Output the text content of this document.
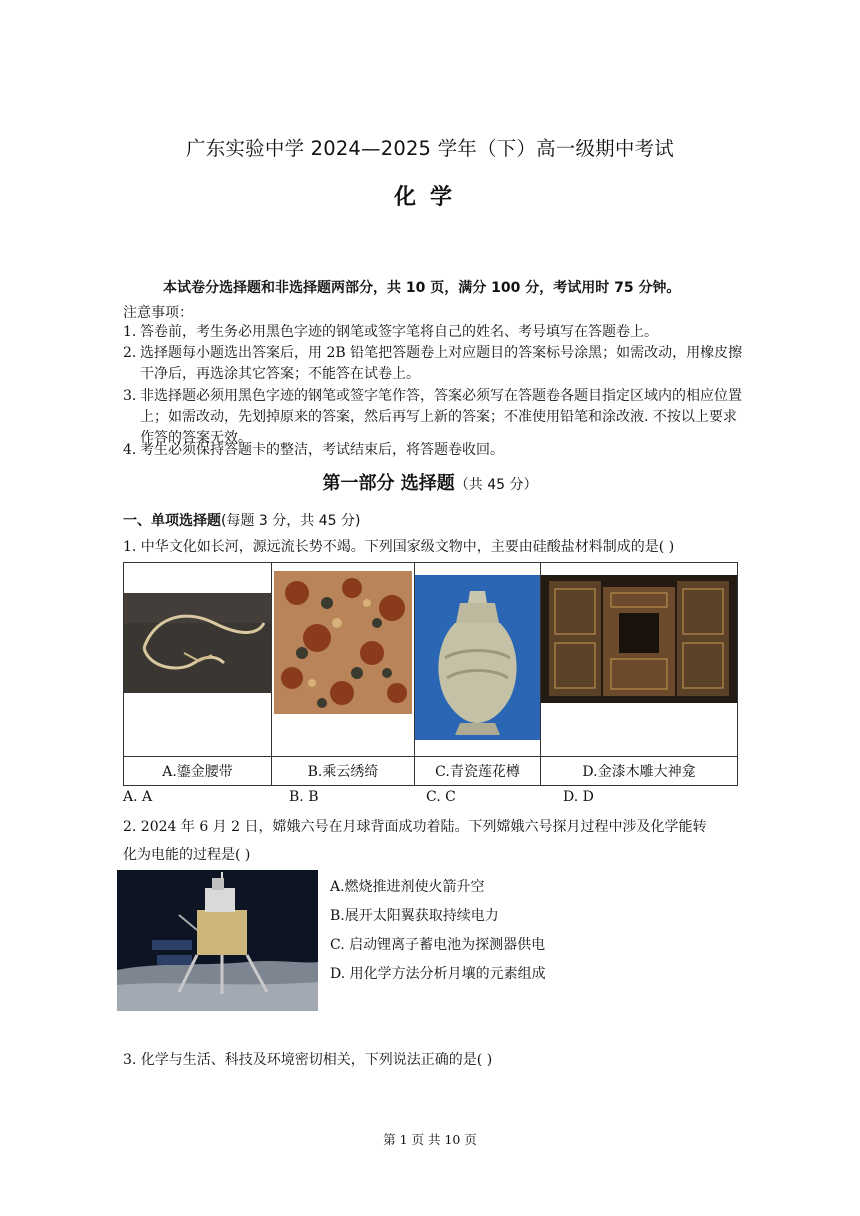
广东实验中学 2024—2025 学年（下）高一级期中考试
化学
本试卷分选择题和非选择题两部分，共 10 页，满分 100 分，考试用时 75 分钟。
注意事项：
1．
答卷前，考生务必用黑色字迹的钢笔或签字笔将自己的姓名、考号填写在答题卷上。
2．
选择题每小题选出答案后，用 2B 铅笔把答题卷上对应题目的答案标号涂黑；如需改动，用橡皮擦干净后，再选涂其它答案；不能答在试卷上。
3．
非选择题必须用黑色字迹的钢笔或签字笔作答，答案必须写在答题卷各题目指定区域内的相应位置上；如需改动，先划掉原来的答案，然后再写上新的答案；不准使用铅笔和涂改液. 不按以上要求作答的答案无效。
4．
考生必须保持答题卡的整洁，考试结束后，将答题卷收回。
第一部分 选择题（共 45 分）
一、单项选择题(每题 3 分，共 45 分)
1. 中华文化如长河，源远流长势不竭。下列国家级文物中，主要由硅酸盐材料制成的是( )

A.鎏金腰带	B.乘云绣绮	C.青瓷莲花樽	D.金漆木雕大神龛
A. A	B. B	C. C	D. D
2. 2024 年 6 月 2 日，嫦娥六号在月球背面成功着陆。下列嫦娥六号探月过程中涉及化学能转
化为电能的过程是( )
A.燃烧推进剂使火箭升空
B.展开太阳翼获取持续电力
C. 启动锂离子蓄电池为探测器供电
D. 用化学方法分析月壤的元素组成
3. 化学与生活、科技及环境密切相关，下列说法正确的是( )
第 1 页 共 10 页
